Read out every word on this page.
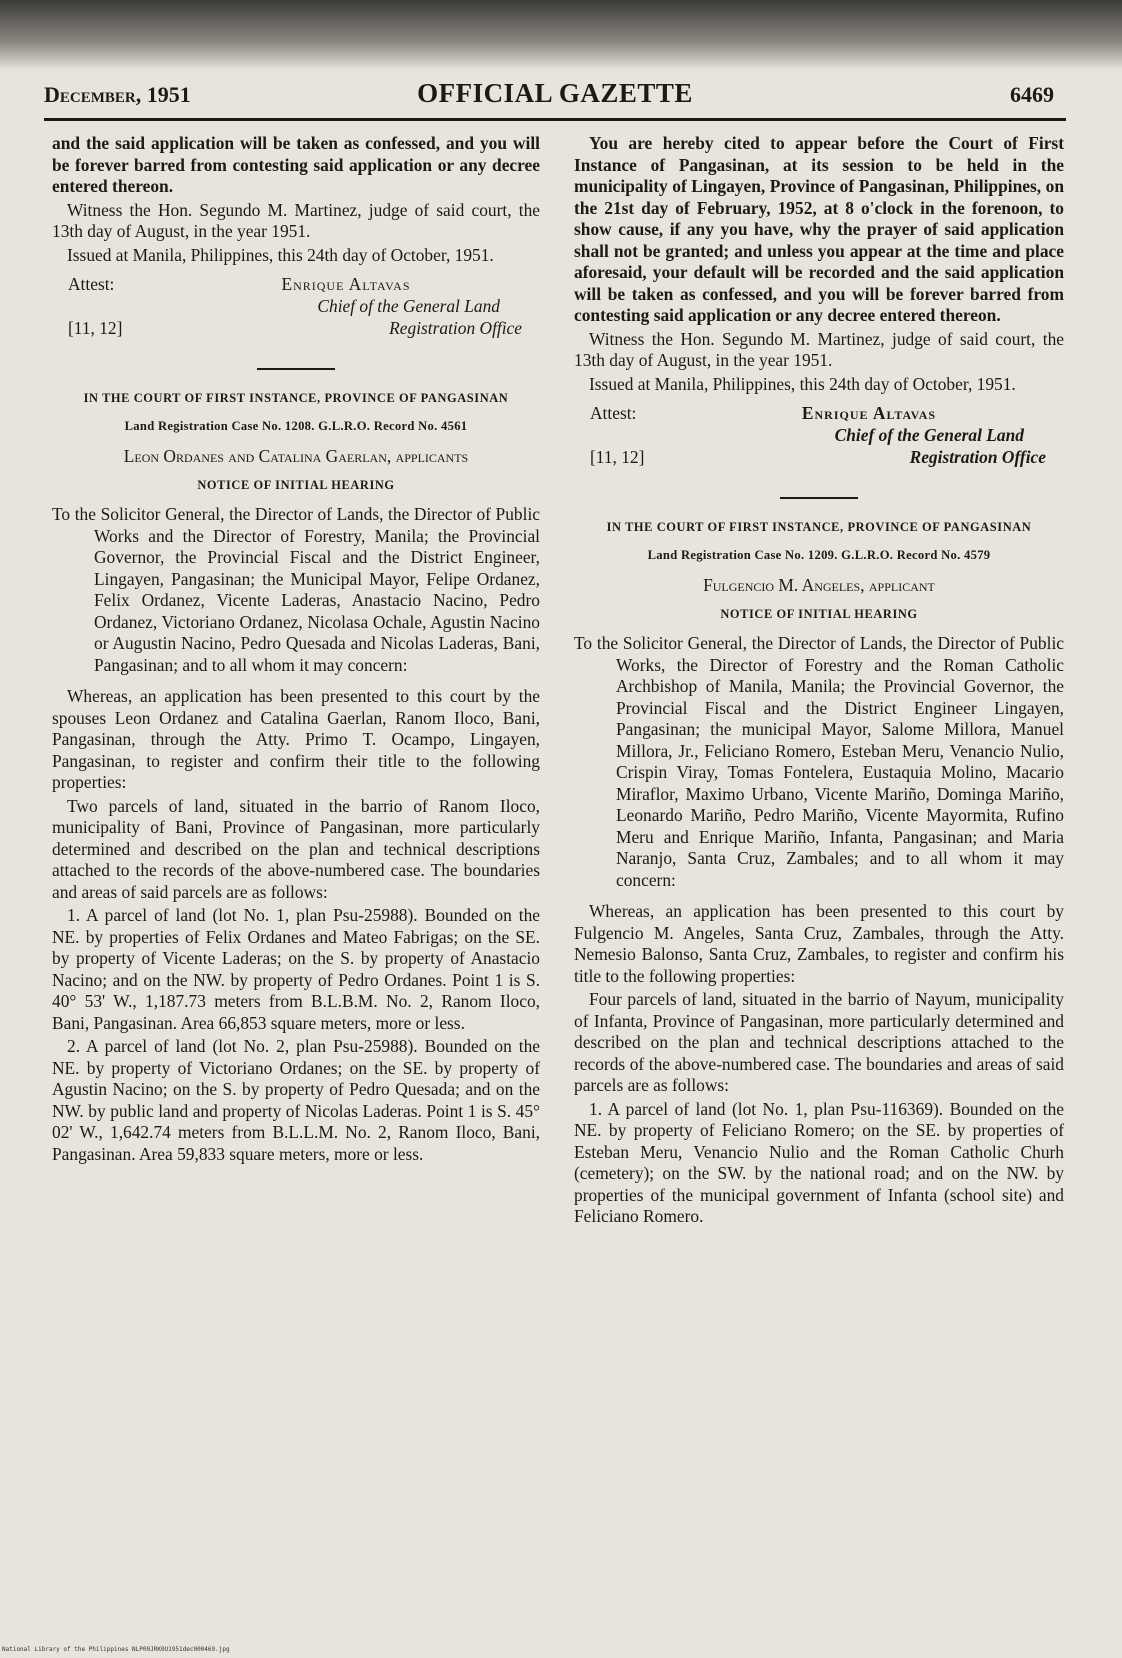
December, 1951	OFFICIAL GAZETTE	6469

and the said application will be taken as confessed, and you will be forever barred from contesting said application or any decree entered thereon.

Witness the Hon. Segundo M. Martinez, judge of said court, the 13th day of August, in the year 1951.

Issued at Manila, Philippines, this 24th day of October, 1951.

Attest:	Enrique Altavas
Chief of the General Land
[11, 12]	Registration Office
IN THE COURT OF FIRST INSTANCE, PROVINCE OF PANGASINAN
Land Registration Case No. 1208. G.L.R.O. Record No. 4561
Leon Ordanes and Catalina Gaerlan, applicants
NOTICE OF INITIAL HEARING

To the Solicitor General, the Director of Lands, the Director of Public Works and the Director of Forestry, Manila; the Provincial Governor, the Provincial Fiscal and the District Engineer, Lingayen, Pangasinan; the Municipal Mayor, Felipe Ordanez, Felix Ordanez, Vicente Laderas, Anastacio Nacino, Pedro Ordanez, Victoriano Ordanez, Nicolasa Ochale, Agustin Nacino or Augustin Nacino, Pedro Quesada and Nicolas Laderas, Bani, Pangasinan; and to all whom it may concern:

Whereas, an application has been presented to this court by the spouses Leon Ordanez and Catalina Gaerlan, Ranom Iloco, Bani, Pangasinan, through the Atty. Primo T. Ocampo, Lingayen, Pangasinan, to register and confirm their title to the following properties:

Two parcels of land, situated in the barrio of Ranom Iloco, municipality of Bani, Province of Pangasinan, more particularly determined and described on the plan and technical descriptions attached to the records of the above-numbered case. The boundaries and areas of said parcels are as follows:

1. A parcel of land (lot No. 1, plan Psu-25988). Bounded on the NE. by properties of Felix Ordanes and Mateo Fabrigas; on the SE. by property of Vicente Laderas; on the S. by property of Anastacio Nacino; and on the NW. by property of Pedro Ordanes. Point 1 is S. 40° 53' W., 1,187.73 meters from B.L.B.M. No. 2, Ranom Iloco, Bani, Pangasinan. Area 66,853 square meters, more or less.

2. A parcel of land (lot No. 2, plan Psu-25988). Bounded on the NE. by property of Victoriano Ordanes; on the SE. by property of Agustin Nacino; on the S. by property of Pedro Quesada; and on the NW. by public land and property of Nicolas Laderas. Point 1 is S. 45° 02' W., 1,642.74 meters from B.L.L.M. No. 2, Ranom Iloco, Bani, Pangasinan. Area 59,833 square meters, more or less.

You are hereby cited to appear before the Court of First Instance of Pangasinan, at its session to be held in the municipality of Lingayen, Province of Pangasinan, Philippines, on the 21st day of February, 1952, at 8 o'clock in the forenoon, to show cause, if any you have, why the prayer of said application shall not be granted; and unless you appear at the time and place aforesaid, your default will be recorded and the said application will be taken as confessed, and you will be forever barred from contesting said application or any decree entered thereon.

Witness the Hon. Segundo M. Martinez, judge of said court, the 13th day of August, in the year 1951.

Issued at Manila, Philippines, this 24th day of October, 1951.

Attest:	Enrique Altavas
Chief of the General Land
[11, 12]	Registration Office
IN THE COURT OF FIRST INSTANCE, PROVINCE OF PANGASINAN
Land Registration Case No. 1209. G.L.R.O. Record No. 4579
Fulgencio M. Angeles, applicant
NOTICE OF INITIAL HEARING

To the Solicitor General, the Director of Lands, the Director of Public Works, the Director of Forestry and the Roman Catholic Archbishop of Manila, Manila; the Provincial Governor, the Provincial Fiscal and the District Engineer Lingayen, Pangasinan; the municipal Mayor, Salome Millora, Manuel Millora, Jr., Feliciano Romero, Esteban Meru, Venancio Nulio, Crispin Viray, Tomas Fontelera, Eustaquia Molino, Macario Miraflor, Maximo Urbano, Vicente Mariño, Dominga Mariño, Leonardo Mariño, Pedro Mariño, Vicente Mayormita, Rufino Meru and Enrique Mariño, Infanta, Pangasinan; and Maria Naranjo, Santa Cruz, Zambales; and to all whom it may concern:

Whereas, an application has been presented to this court by Fulgencio M. Angeles, Santa Cruz, Zambales, through the Atty. Nemesio Balonso, Santa Cruz, Zambales, to register and confirm his title to the following properties:

Four parcels of land, situated in the barrio of Nayum, municipality of Infanta, Province of Pangasinan, more particularly determined and described on the plan and technical descriptions attached to the records of the above-numbered case. The boundaries and areas of said parcels are as follows:

1. A parcel of land (lot No. 1, plan Psu-116369). Bounded on the NE. by property of Feliciano Romero; on the SE. by properties of Esteban Meru, Venancio Nulio and the Roman Catholic Churh (cemetery); on the SW. by the national road; and on the NW. by properties of the municipal government of Infanta (school site) and Feliciano Romero.

National Library of the Philippines NLP00JRK0U1951dec000469.jpg
